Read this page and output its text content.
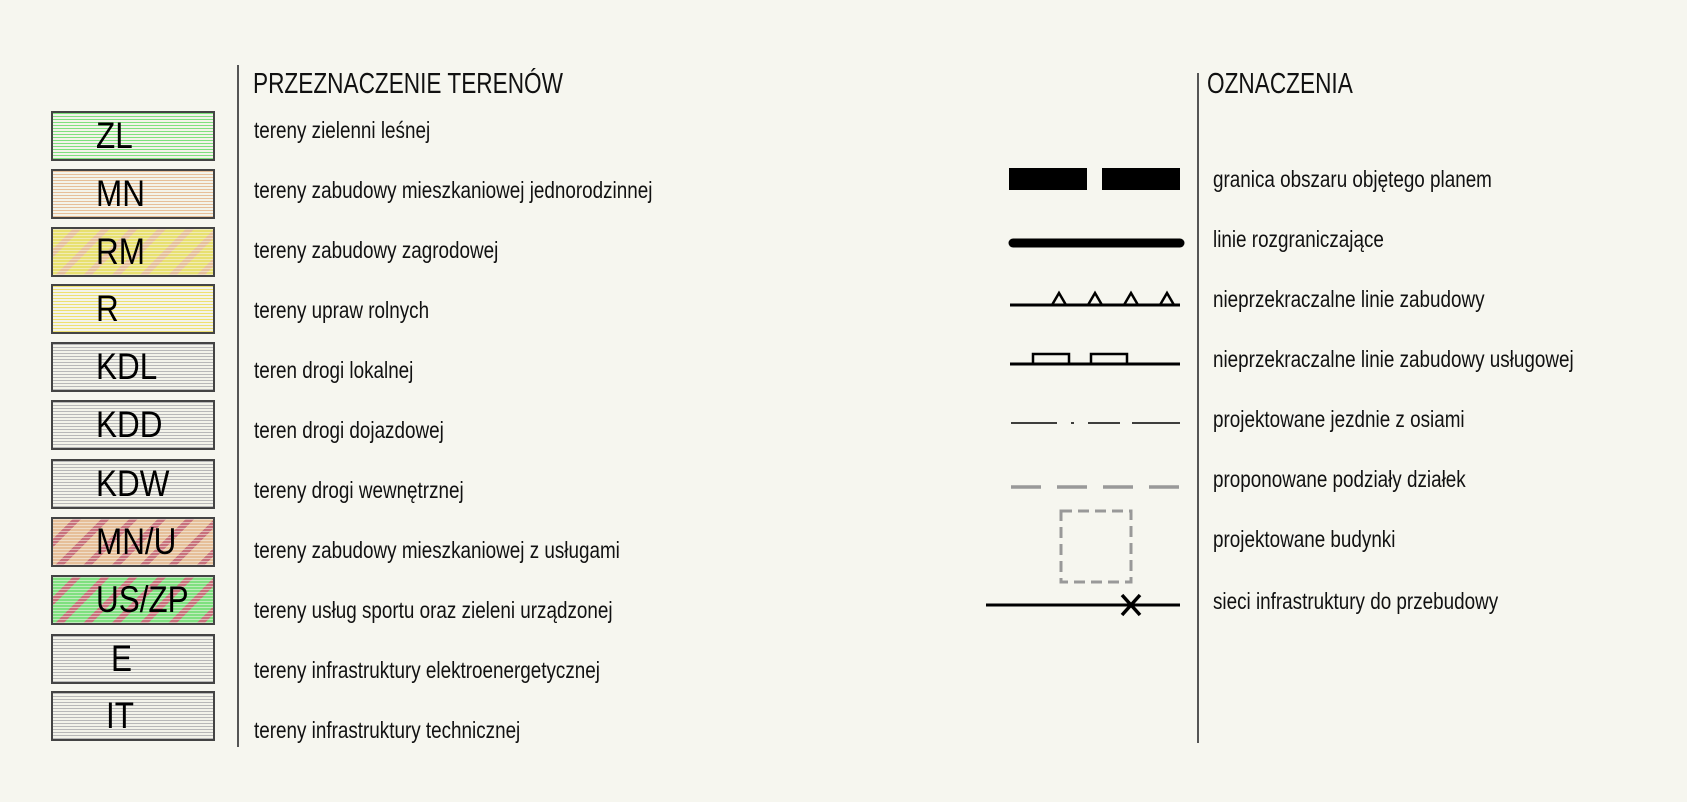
PRZEZNACZENIE TERENÓW	OZNACZENIA
ZL	tereny zielenni leśnej
MN	tereny zabudowy mieszkaniowej jednorodzinnej
RM	tereny zabudowy zagrodowej
R	tereny upraw rolnych
KDL	teren drogi lokalnej
KDD	teren drogi dojazdowej
KDW	tereny drogi wewnętrznej
MN/U	tereny zabudowy mieszkaniowej z usługami
US/ZP	tereny usług sportu oraz zieleni urządzonej
E	tereny infrastruktury elektroenergetycznej
IT	tereny infrastruktury technicznej
granica obszaru objętego planem
linie rozgraniczające
nieprzekraczalne linie zabudowy
nieprzekraczalne linie zabudowy usługowej
projektowane jezdnie z osiami
proponowane podziały działek
projektowane budynki
sieci infrastruktury do przebudowy
